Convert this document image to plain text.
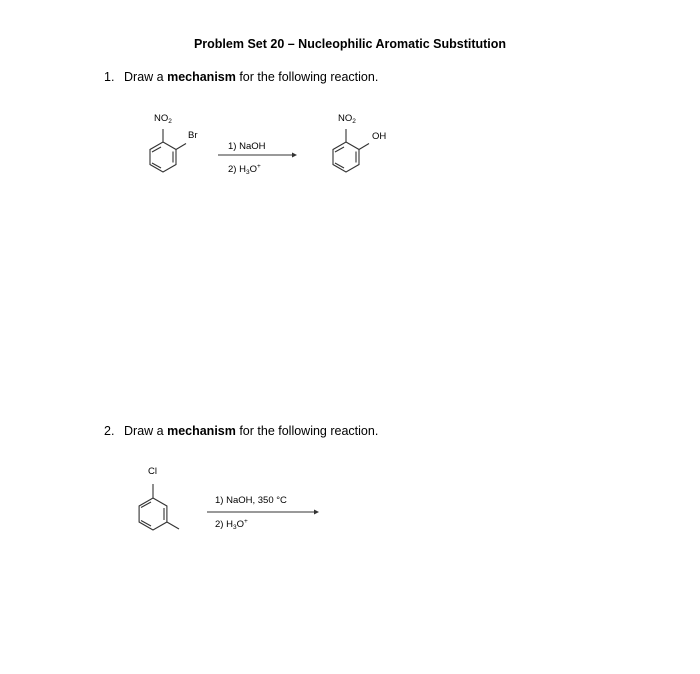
Problem Set 20 – Nucleophilic Aromatic Substitution
1. Draw a mechanism for the following reaction.
$NO_2$
Br
1) NaOH
2) $H_3O^+$
$NO_2$
OH
2. Draw a mechanism for the following reaction.
Cl
1) NaOH, 350 °C
2) $H_3O^+$
